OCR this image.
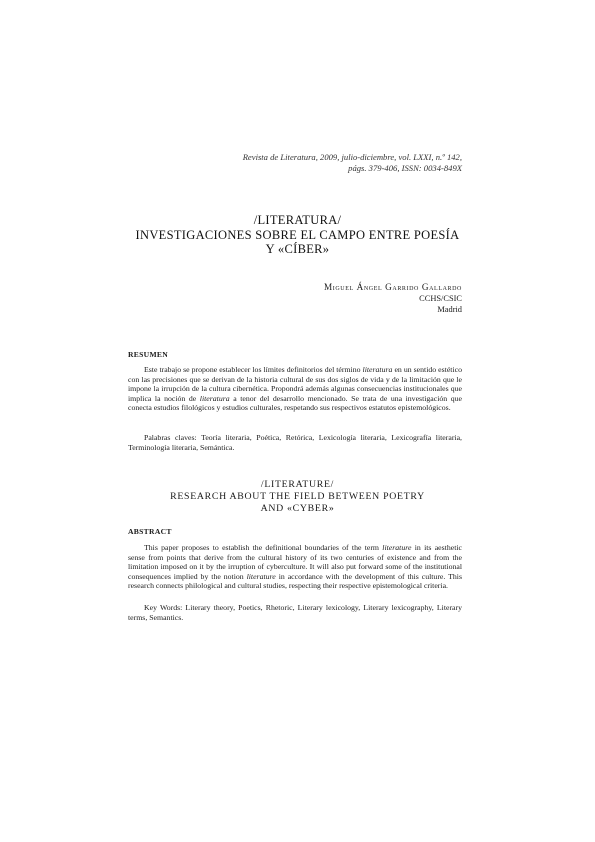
Revista de Literatura, 2009, julio-diciembre, vol. LXXI, n.º 142,
págs. 379-406, ISSN: 0034-849X
/LITERATURA/
INVESTIGACIONES SOBRE EL CAMPO ENTRE POESÍA
Y «CÍBER»
Miguel Ángel Garrido Gallardo
CCHS/CSIC
Madrid
RESUMEN
Este trabajo se propone establecer los límites definitorios del término literatura en un sentido estético con las precisiones que se derivan de la historia cultural de sus dos siglos de vida y de la limitación que le impone la irrupción de la cultura cibernética. Propondrá además algunas consecuencias institucionales que implica la noción de literatura a tenor del desarrollo mencionado. Se trata de una investigación que conecta estudios filológicos y estudios culturales, respetando sus respectivos estatutos epistemológicos.
Palabras claves: Teoría literaria, Poética, Retórica, Lexicología literaria, Lexicografía literaria, Terminología literaria, Semántica.
/LITERATURE/
RESEARCH ABOUT THE FIELD BETWEEN POETRY
AND «CYBER»
ABSTRACT
This paper proposes to establish the definitional boundaries of the term literature in its aesthetic sense from points that derive from the cultural history of its two centuries of existence and from the limitation imposed on it by the irruption of cyberculture. It will also put forward some of the institutional consequences implied by the notion literature in accordance with the development of this culture. This research connects philological and cultural studies, respecting their respective epistemological criteria.
Key Words: Literary theory, Poetics, Rhetoric, Literary lexicology, Literary lexicography, Literary terms, Semantics.
